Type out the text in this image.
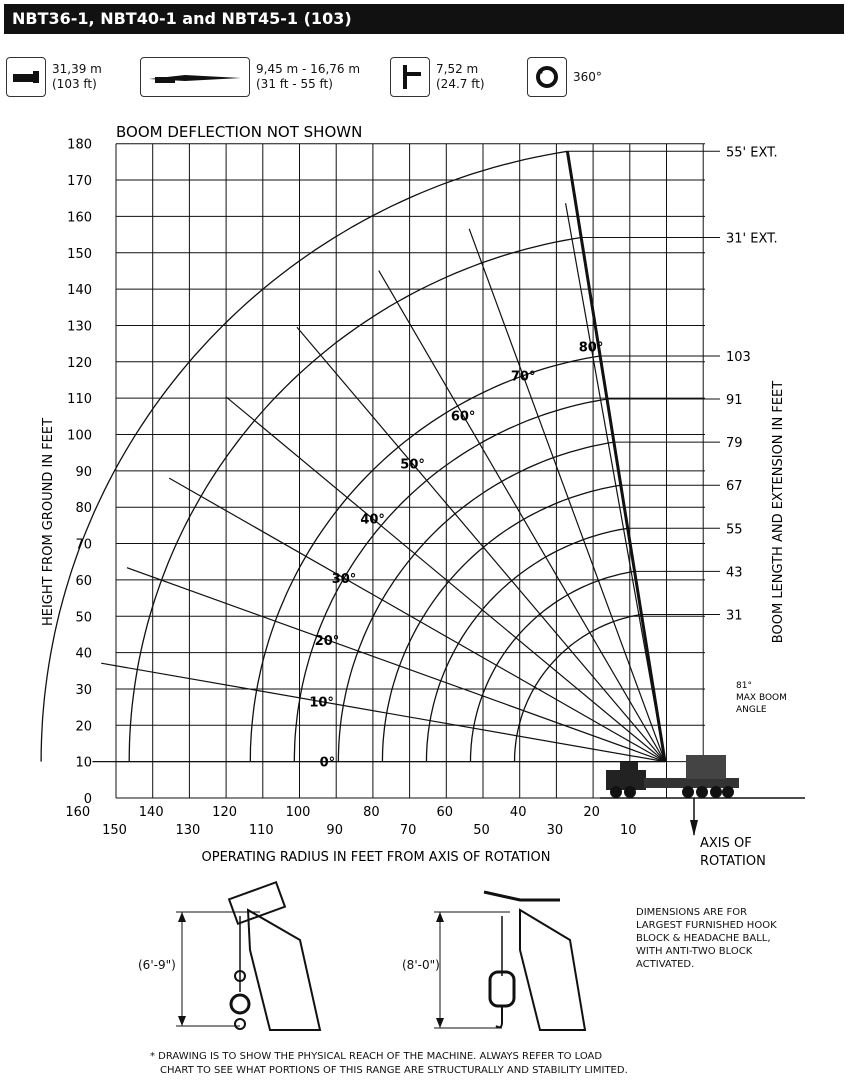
NBT36-1, NBT40-1 and NBT45-1 (103)
31,39 m
(103 ft)
9,45 m - 16,76 m
(31 ft - 55 ft)
7,52 m
(24.7 ft)
360°
180
170
160
150
140
130
120
110
100
90
80
70
60
50
40
30
20
10
0
160	140	120	100	80	60	40	20
150	130	110	90	70	50	30	10
55' EXT.
31' EXT.
103
91
79
67
55
43
31
0°
10°
20°
30°
40°
50°
60°
70°
80°
BOOM DEFLECTION NOT SHOWN
HEIGHT FROM GROUND IN FEET
OPERATING RADIUS IN FEET FROM AXIS OF ROTATION
BOOM LENGTH AND EXTENSION IN FEET
81°
MAX BOOM
ANGLE
AXIS OF
ROTATION
(6'-9")	(8'-0")
DIMENSIONS ARE FOR LARGEST FURNISHED HOOK BLOCK & HEADACHE BALL, WITH ANTI-TWO BLOCK ACTIVATED.
* DRAWING IS TO SHOW THE PHYSICAL REACH OF THE MACHINE. ALWAYS REFER TO LOAD
CHART TO SEE WHAT PORTIONS OF THIS RANGE ARE STRUCTURALLY AND STABILITY LIMITED.
